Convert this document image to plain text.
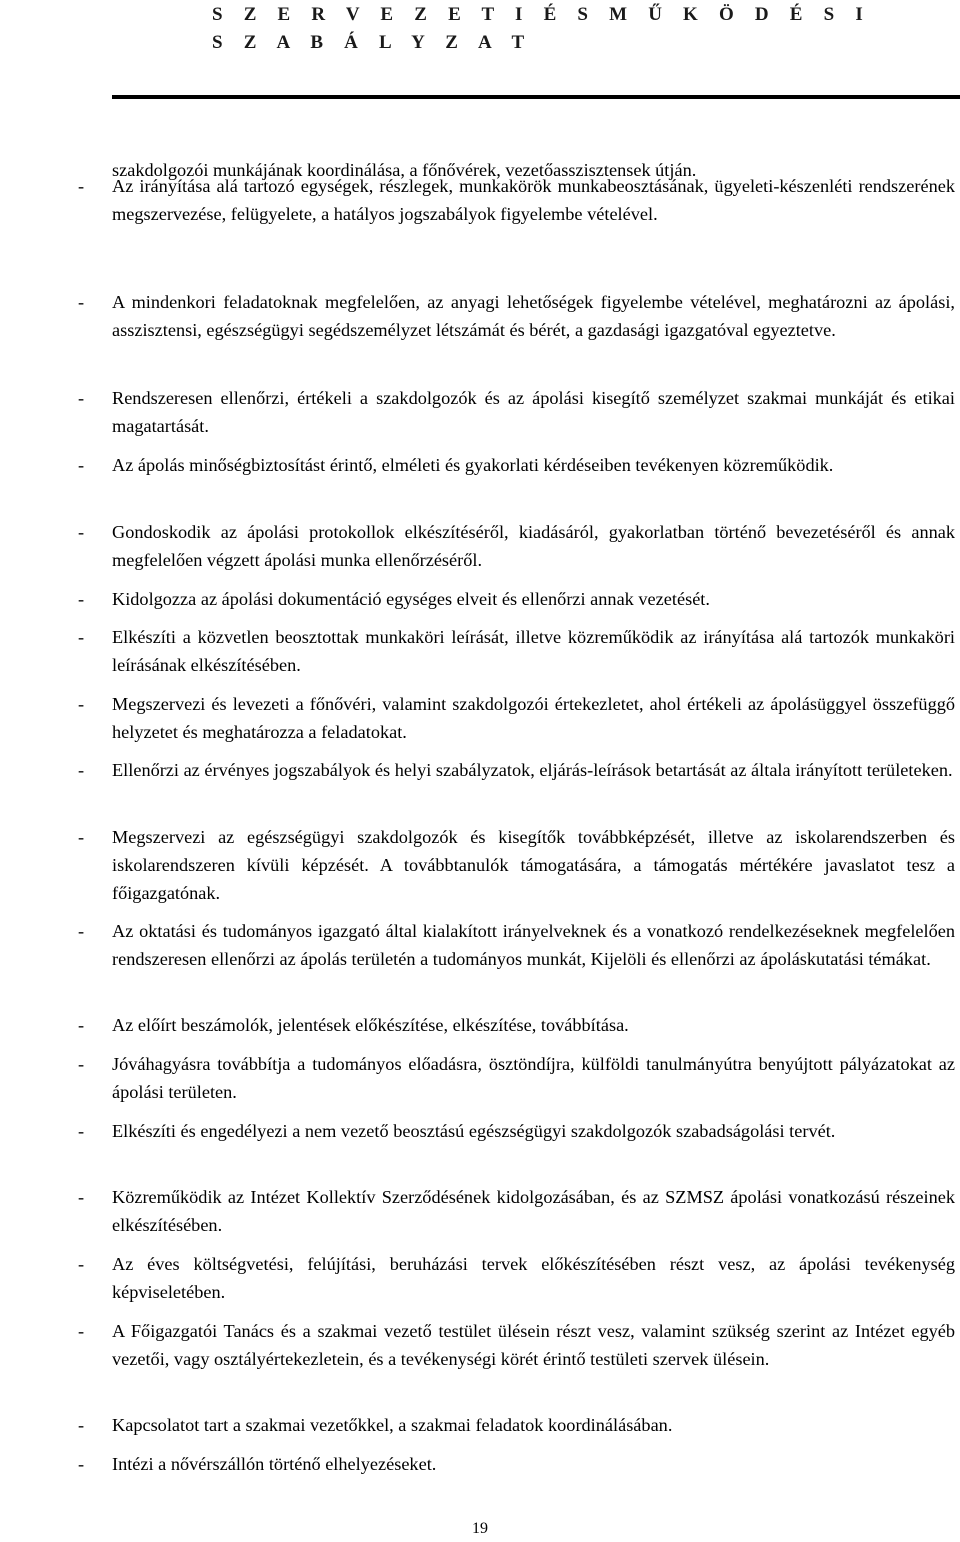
S Z E R V E Z E T I É S M Ű K Ö D É S I
S Z A B Á L Y Z A T
szakdolgozói munkájának koordinálása, a főnővérek, vezetőasszisztensek útján.
- Az irányítása alá tartozó egységek, részlegek, munkakörök munkabeosztásának, ügyeleti-készenléti rendszerének megszervezése, felügyelete, a hatályos jogszabályok figyelembe vételével.
- A mindenkori feladatoknak megfelelően, az anyagi lehetőségek figyelembe vételével, meghatározni az ápolási, asszisztensi, egészségügyi segédszemélyzet létszámát és bérét, a gazdasági igazgatóval egyeztetve.
- Rendszeresen ellenőrzi, értékeli a szakdolgozók és az ápolási kisegítő személyzet szakmai munkáját és etikai magatartását.
- Az ápolás minőségbiztosítást érintő, elméleti és gyakorlati kérdéseiben tevékenyen közreműködik.
- Gondoskodik az ápolási protokollok elkészítéséről, kiadásáról, gyakorlatban történő bevezetéséről és annak megfelelően végzett ápolási munka ellenőrzéséről.
- Kidolgozza az ápolási dokumentáció egységes elveit és ellenőrzi annak vezetését.
- Elkészíti a közvetlen beosztottak munkaköri leírását, illetve közreműködik az irányítása alá tartozók munkaköri leírásának elkészítésében.
- Megszervezi és levezeti a főnővéri, valamint szakdolgozói értekezletet, ahol értékeli az ápolásüggyel összefüggő helyzetet és meghatározza a feladatokat.
- Ellenőrzi az érvényes jogszabályok és helyi szabályzatok, eljárás-leírások betartását az általa irányított területeken.
- Megszervezi az egészségügyi szakdolgozók és kisegítők továbbképzését, illetve az iskolarendszerben és iskolarendszeren kívüli képzését. A továbbtanulók támogatására, a támogatás mértékére javaslatot tesz a főigazgatónak.
- Az oktatási és tudományos igazgató által kialakított irányelveknek és a vonatkozó rendelkezéseknek megfelelően rendszeresen ellenőrzi az ápolás területén a tudományos munkát, Kijelöli és ellenőrzi az ápoláskutatási témákat.
- Az előírt beszámolók, jelentések előkészítése, elkészítése, továbbítása.
- Jóváhagyásra továbbítja a tudományos előadásra, ösztöndíjra, külföldi tanulmányútra benyújtott pályázatokat az ápolási területen.
- Elkészíti és engedélyezi a nem vezető beosztású egészségügyi szakdolgozók szabadságolási tervét.
- Közreműködik az Intézet Kollektív Szerződésének kidolgozásában, és az SZMSZ ápolási vonatkozású részeinek elkészítésében.
- Az éves költségvetési, felújítási, beruházási tervek előkészítésében részt vesz, az ápolási tevékenység képviseletében.
- A Főigazgatói Tanács és a szakmai vezető testület ülésein részt vesz, valamint szükség szerint az Intézet egyéb vezetői, vagy osztályértekezletein, és a tevékenységi körét érintő testületi szervek ülésein.
- Kapcsolatot tart a szakmai vezetőkkel, a szakmai feladatok koordinálásában.
- Intézi a nővérszállón történő elhelyezéseket.
19
